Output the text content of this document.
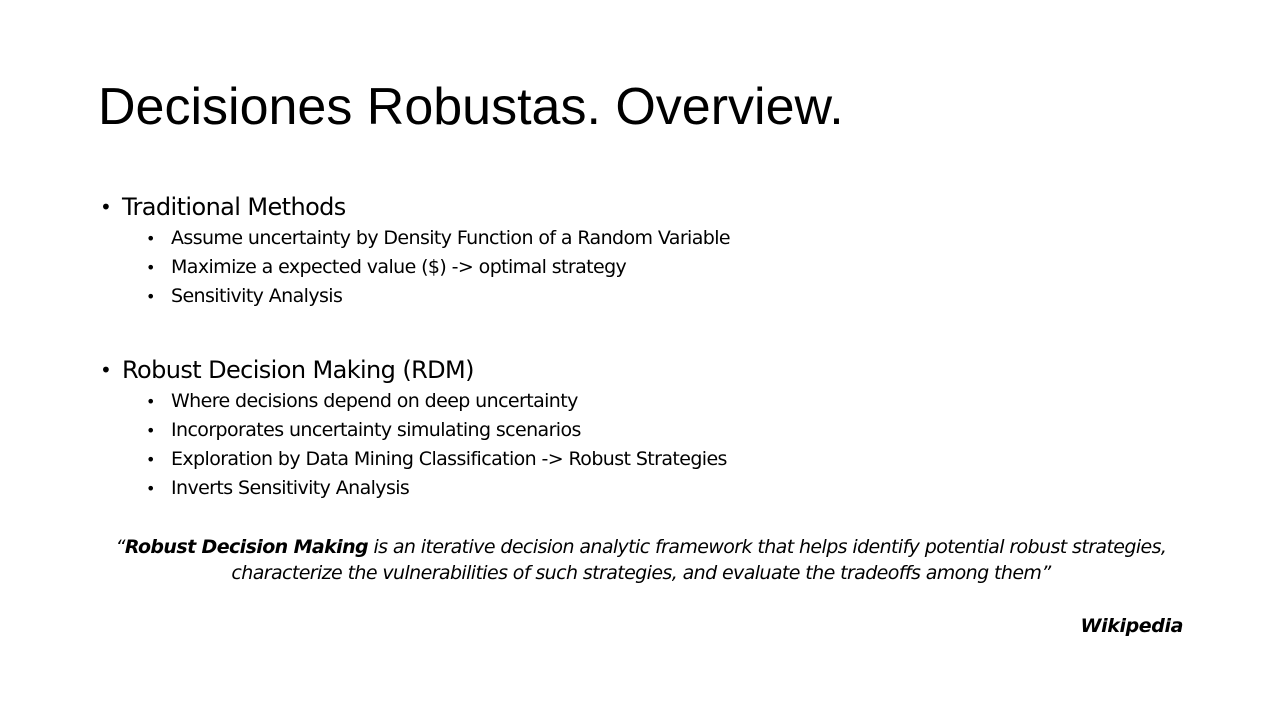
Decisiones Robustas. Overview.
• Traditional Methods
• Assume uncertainty by Density Function of a Random Variable
• Maximize a expected value ($) -> optimal strategy
• Sensitivity Analysis
• Robust Decision Making (RDM)
• Where decisions depend on deep uncertainty
• Incorporates uncertainty simulating scenarios
• Exploration by Data Mining Classification -> Robust Strategies
• Inverts Sensitivity Analysis

“Robust Decision Making is an iterative decision analytic framework that helps identify potential robust strategies, characterize the vulnerabilities of such strategies, and evaluate the tradeoffs among them”

Wikipedia
